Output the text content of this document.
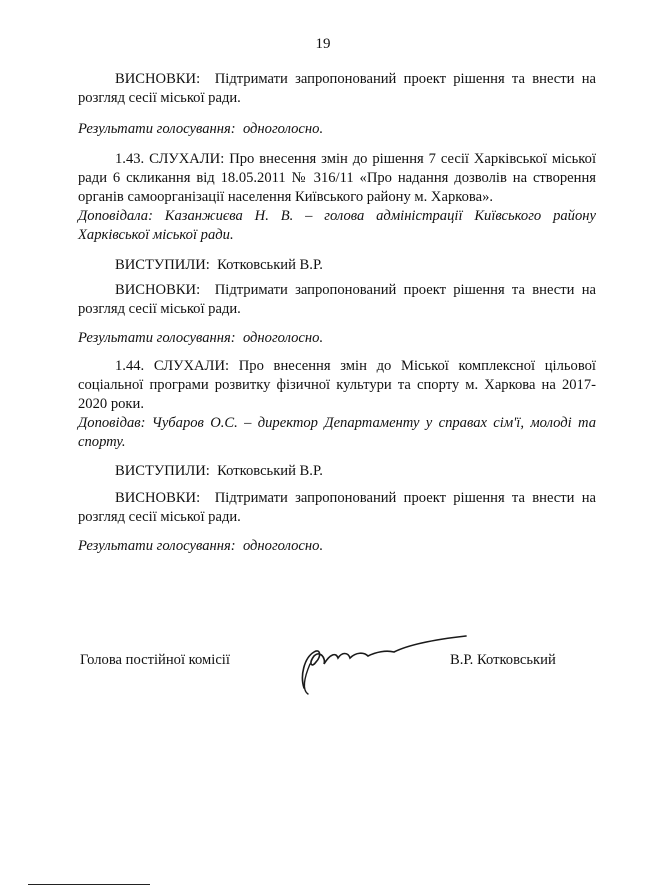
19

ВИСНОВКИ: Підтримати запропонований проект рішення та внести на розгляд сесії міської ради.

Результати голосування: одноголосно.

1.43. СЛУХАЛИ: Про внесення змін до рішення 7 сесії Харківської міської ради 6 скликання від 18.05.2011 № 316/11 «Про надання дозволів на створення органів самоорганізації населення Київського району м. Харкова».

Доповідала: Казанжиєва Н. В. – голова адміністрації Київського району Харківської міської ради.

ВИСТУПИЛИ: Котковський В.Р.

ВИСНОВКИ: Підтримати запропонований проект рішення та внести на розгляд сесії міської ради.

Результати голосування: одноголосно.

1.44. СЛУХАЛИ: Про внесення змін до Міської комплексної цільової соціальної програми розвитку фізичної культури та спорту м. Харкова на 2017-2020 роки.

Доповідав: Чубаров О.С. – директор Департаменту у справах сім'ї, молоді та спорту.

ВИСТУПИЛИ: Котковський В.Р.

ВИСНОВКИ: Підтримати запропонований проект рішення та внести на розгляд сесії міської ради.

Результати голосування: одноголосно.

Голова постійної комісії	В.Р. Котковський
